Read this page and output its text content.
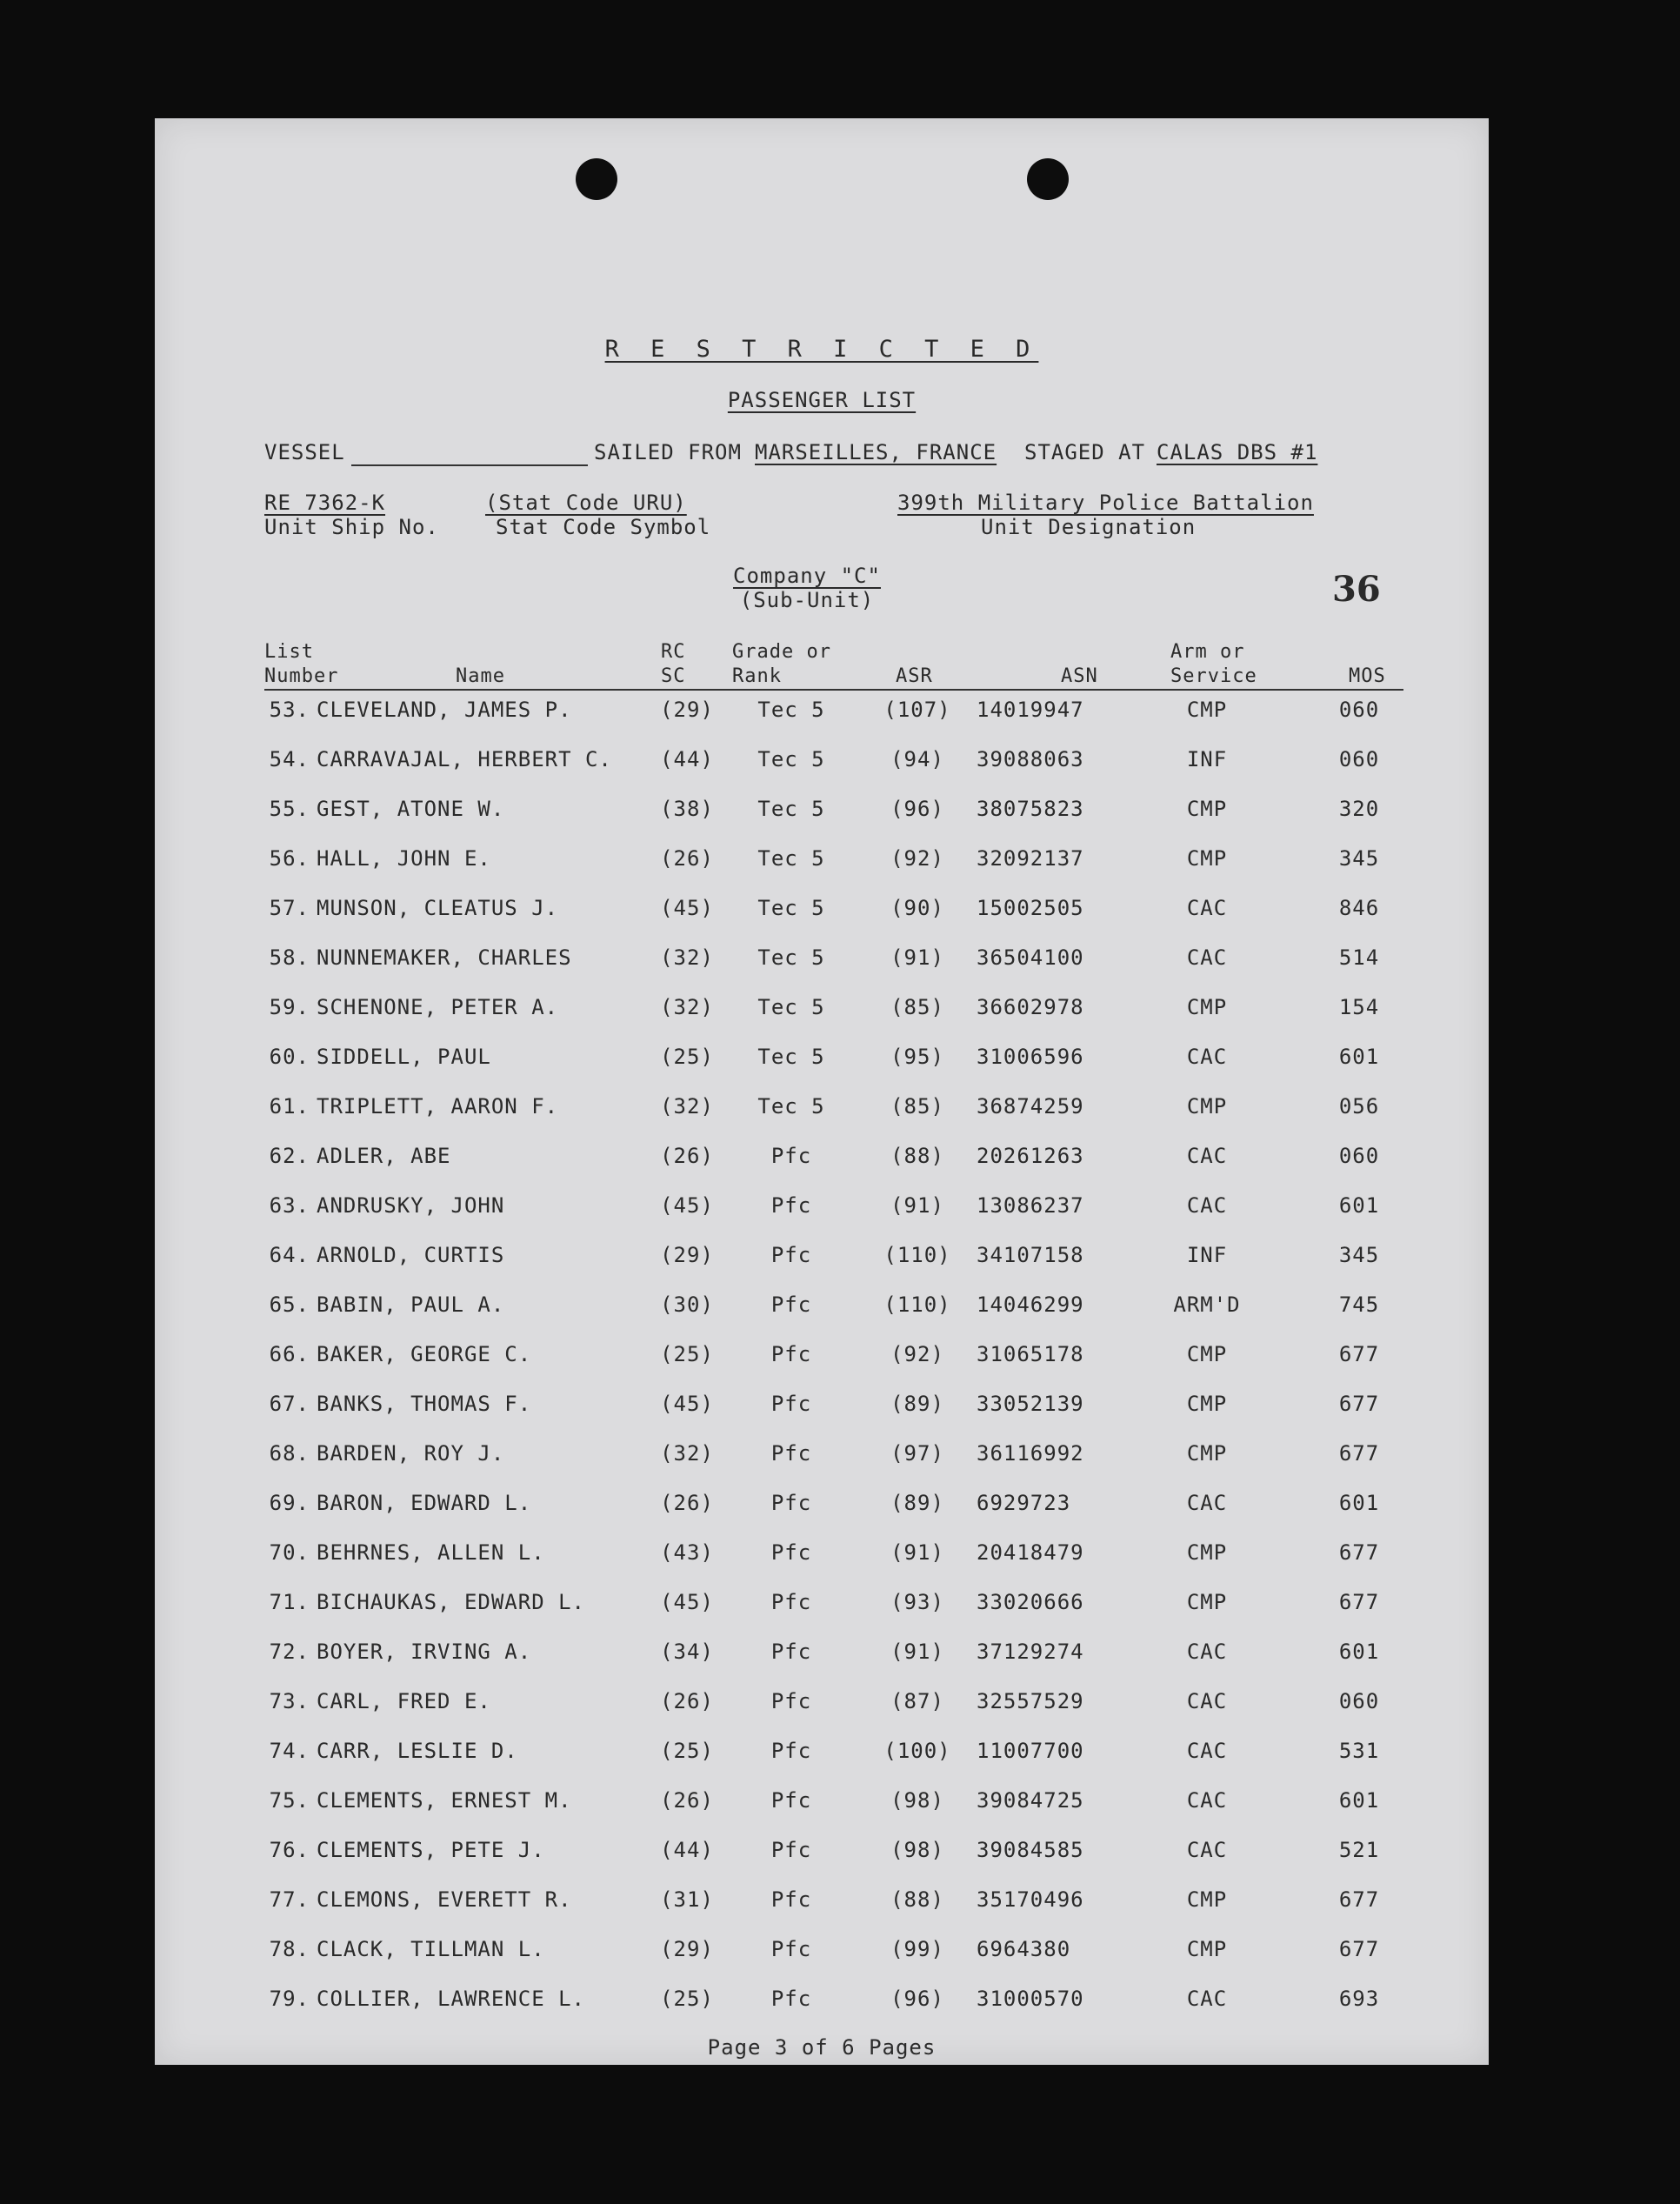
R E S T R I C T E D
PASSENGER LIST
VESSEL	SAILED FROM MARSEILLES, FRANCE STAGED AT CALAS DBS #1
RE 7362-K
Unit Ship No.
(Stat Code URU)
Stat Code Symbol
399th Military Police Battalion
Unit Designation
Company "C"
(Sub-Unit)	36
List
Number	Name
RC
SC
Grade or
Rank	ASR	ASN
Arm or
Service	MOS
53. CLEVELAND, JAMES P.	(29)	Tec 5	(107) 14019947	CMP	060
54. CARRAVAJAL, HERBERT C.	(44)	Tec 5	(94)	39088063	INF	060
55. GEST, ATONE W.	(38)	Tec 5	(96)	38075823	CMP	320
56. HALL, JOHN E.	(26)	Tec 5	(92)	32092137	CMP	345
57. MUNSON, CLEATUS J.	(45)	Tec 5	(90)	15002505	CAC	846
58. NUNNEMAKER, CHARLES	(32)	Tec 5	(91)	36504100	CAC	514
59. SCHENONE, PETER A.	(32)	Tec 5	(85)	36602978	CMP	154
60. SIDDELL, PAUL	(25)	Tec 5	(95)	31006596	CAC	601
61. TRIPLETT, AARON F.	(32)	Tec 5	(85)	36874259	CMP	056
62. ADLER, ABE	(26)	Pfc	(88)	20261263	CAC	060
63. ANDRUSKY, JOHN	(45)	Pfc	(91)	13086237	CAC	601
64. ARNOLD, CURTIS	(29)	Pfc	(110) 34107158	INF	345
65. BABIN, PAUL A.	(30)	Pfc	(110) 14046299	ARM'D	745
66. BAKER, GEORGE C.	(25)	Pfc	(92)	31065178	CMP	677
67. BANKS, THOMAS F.	(45)	Pfc	(89)	33052139	CMP	677
68. BARDEN, ROY J.	(32)	Pfc	(97)	36116992	CMP	677
69. BARON, EDWARD L.	(26)	Pfc	(89)	6929723	CAC	601
70. BEHRNES, ALLEN L.	(43)	Pfc	(91)	20418479	CMP	677
71. BICHAUKAS, EDWARD L.	(45)	Pfc	(93)	33020666	CMP	677
72. BOYER, IRVING A.	(34)	Pfc	(91)	37129274	CAC	601
73. CARL, FRED E.	(26)	Pfc	(87)	32557529	CAC	060
74. CARR, LESLIE D.	(25)	Pfc	(100) 11007700	CAC	531
75. CLEMENTS, ERNEST M.	(26)	Pfc	(98)	39084725	CAC	601
76. CLEMENTS, PETE J.	(44)	Pfc	(98)	39084585	CAC	521
77. CLEMONS, EVERETT R.	(31)	Pfc	(88)	35170496	CMP	677
78. CLACK, TILLMAN L.	(29)	Pfc	(99)	6964380	CMP	677
79. COLLIER, LAWRENCE L.	(25)	Pfc	(96)	31000570	CAC	693
Page 3 of 6 Pages
